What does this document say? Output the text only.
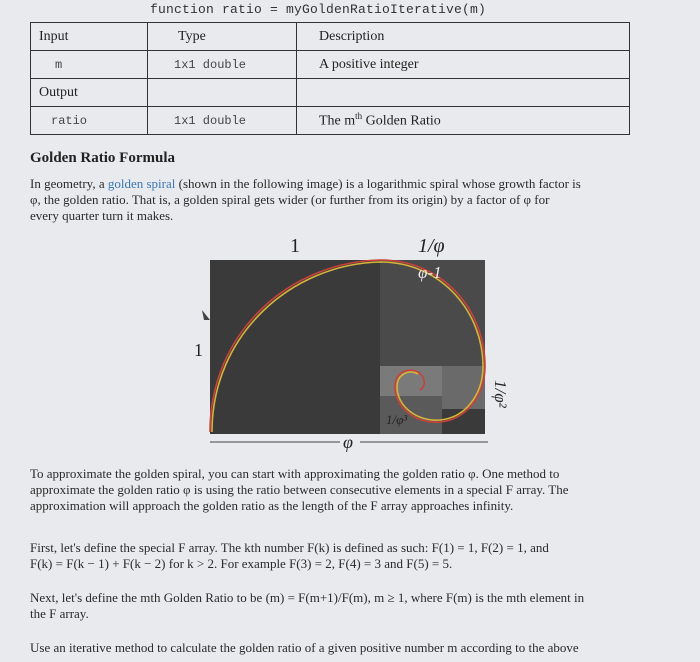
function ratio = myGoldenRatioIterative(m)
Input	Type	Description
m	1x1 double	A positive integer
Output		
ratio	1x1 double	The $m^{th}$ Golden Ratio
Golden Ratio Formula
In geometry, a golden spiral (shown in the following image) is a logarithmic spiral whose growth factor is
φ, the golden ratio. That is, a golden spiral gets wider (or further from its origin) by a factor of φ for
every quarter turn it makes.
1	1/φ
φ-1
1
1/φ²
1/φ³
φ
To approximate the golden spiral, you can start with approximating the golden ratio φ. One method to
approximate the golden ratio φ is using the ratio between consecutive elements in a special F array. The
approximation will approach the golden ratio as the length of the F array approaches infinity.
First, let's define the special F array. The kth number F(k) is defined as such: F(1) = 1, F(2) = 1, and
F(k) = F(k − 1) + F(k − 2) for k > 2. For example F(3) = 2, F(4) = 3 and F(5) = 5.
Next, let's define the mth Golden Ratio to be (m) = F(m+1)/F(m), m ≥ 1, where F(m) is the mth element in
the F array.
Use an iterative method to calculate the golden ratio of a given positive number m according to the above
